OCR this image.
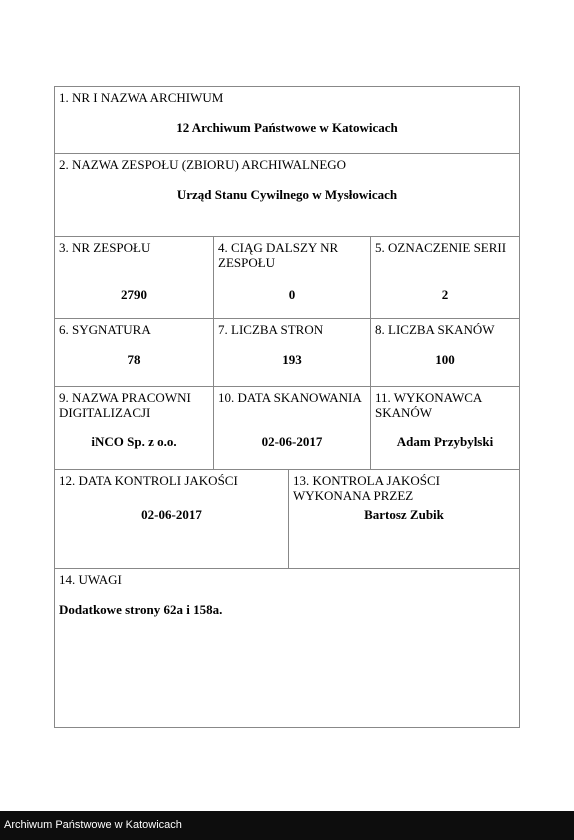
1. NR I NAZWA ARCHIWUM
12 Archiwum Państwowe w Katowicach
2. NAZWA ZESPOŁU (ZBIORU) ARCHIWALNEGO
Urząd Stanu Cywilnego w Mysłowicach
3. NR ZESPOŁU
2790
4. CIĄG DALSZY NR ZESPOŁU
0
5. OZNACZENIE SERII
2
6. SYGNATURA
78
7. LICZBA STRON
193
8. LICZBA SKANÓW
100
9. NAZWA PRACOWNI DIGITALIZACJI
iNCO Sp. z o.o.
10. DATA SKANOWANIA
02-06-2017
11. WYKONAWCA SKANÓW
Adam Przybylski
12. DATA KONTROLI JAKOŚCI
02-06-2017
13. KONTROLA JAKOŚCI WYKONANA PRZEZ
Bartosz Zubik
14. UWAGI
Dodatkowe strony 62a i 158a.
Archiwum Państwowe w Katowicach
